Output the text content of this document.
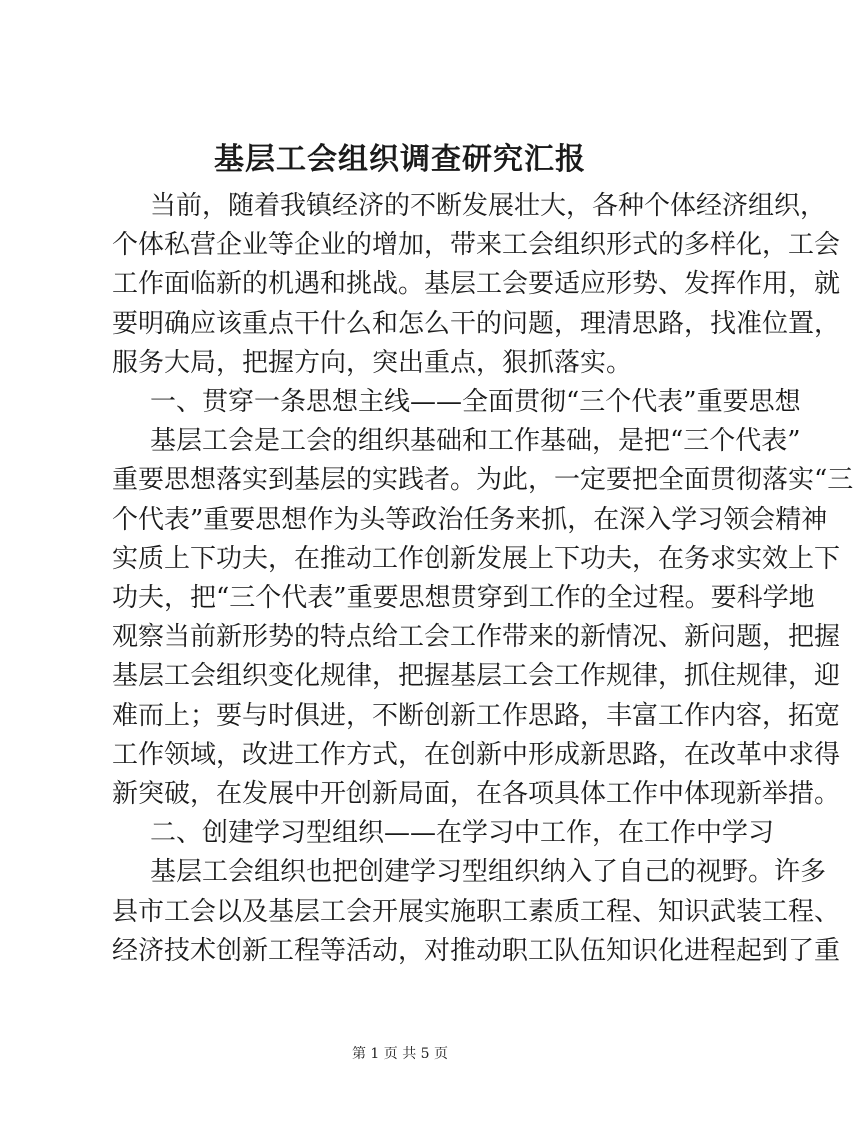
基层工会组织调查研究汇报
当前，随着我镇经济的不断发展壮大，各种个体经济组织，
个体私营企业等企业的增加，带来工会组织形式的多样化，工会
工作面临新的机遇和挑战。基层工会要适应形势、发挥作用，就
要明确应该重点干什么和怎么干的问题，理清思路，找准位置，
服务大局，把握方向，突出重点，狠抓落实。
一、贯穿一条思想主线——全面贯彻“三个代表”重要思想
基层工会是工会的组织基础和工作基础，是把“三个代表”
重要思想落实到基层的实践者。为此，一定要把全面贯彻落实“三
个代表”重要思想作为头等政治任务来抓，在深入学习领会精神
实质上下功夫，在推动工作创新发展上下功夫，在务求实效上下
功夫，把“三个代表”重要思想贯穿到工作的全过程。要科学地
观察当前新形势的特点给工会工作带来的新情况、新问题，把握
基层工会组织变化规律，把握基层工会工作规律，抓住规律，迎
难而上；要与时俱进，不断创新工作思路，丰富工作内容，拓宽
工作领域，改进工作方式，在创新中形成新思路，在改革中求得
新突破，在发展中开创新局面，在各项具体工作中体现新举措。
二、创建学习型组织——在学习中工作，在工作中学习
基层工会组织也把创建学习型组织纳入了自己的视野。许多
县市工会以及基层工会开展实施职工素质工程、知识武装工程、
第 1 页 共 5 页
经济技术创新工程等活动，对推动职工队伍知识化进程起到了重
